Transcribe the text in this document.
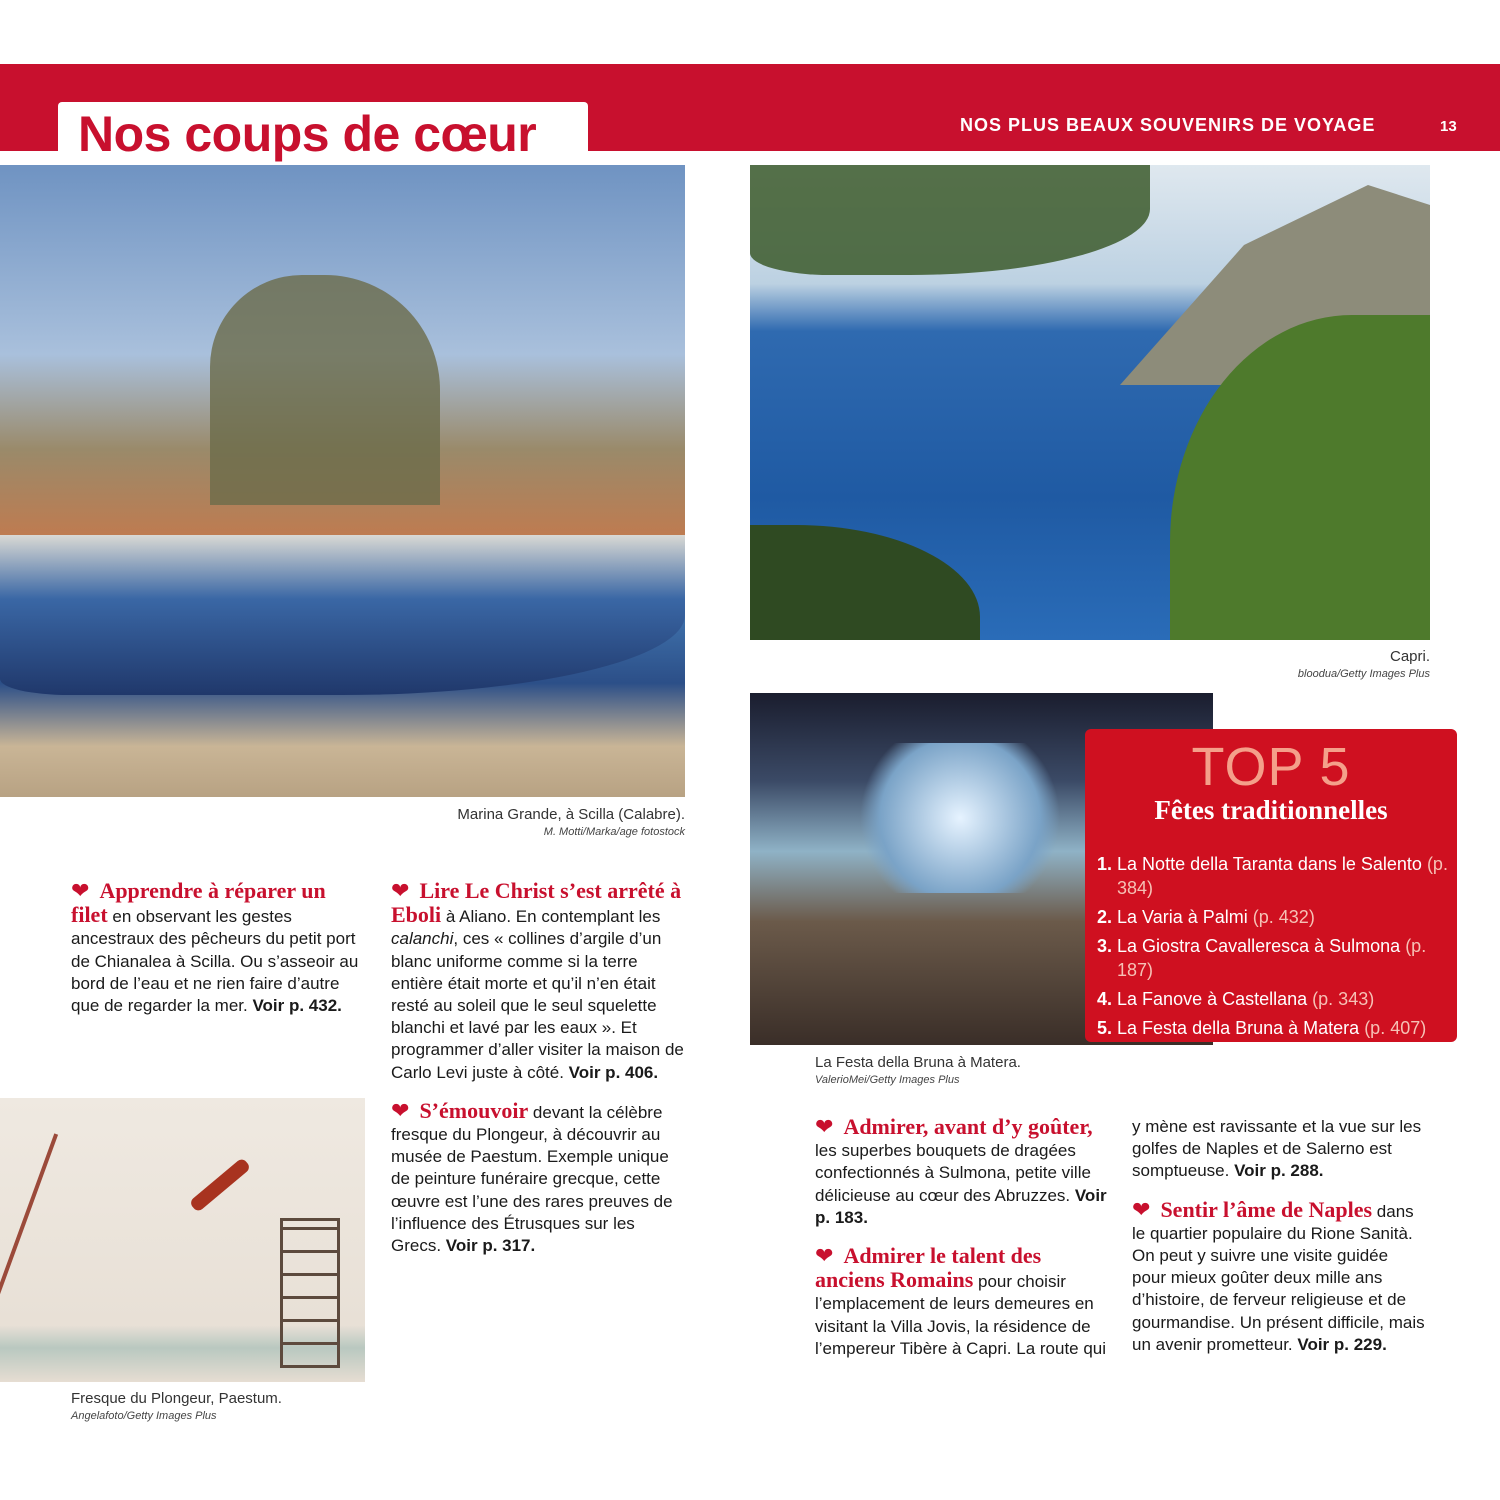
Nos coups de cœur	NOS PLUS BEAUX SOUVENIRS DE VOYAGE	13
Marina Grande, à Scilla (Calabre).
M. Motti/Marka/age fotostock
Capri.
bloodua/Getty Images Plus
La Festa della Bruna à Matera.
ValerioMei/Getty Images Plus
TOP 5
Fêtes traditionnelles
1. La Notte della Taranta dans le Salento (p. 384)
2. La Varia à Palmi (p. 432)
3. La Giostra Cavalleresca à Sulmona (p. 187)
4. La Fanove à Castellana (p. 343)
5. La Festa della Bruna à Matera (p. 407)
Fresque du Plongeur, Paestum.
Angelafoto/Getty Images Plus

❤ Apprendre à réparer un filet en observant les gestes ancestraux des pêcheurs du petit port de Chianalea à Scilla. Ou s’asseoir au bord de l’eau et ne rien faire d’autre que de regarder la mer. Voir p. 432.

❤ Lire Le Christ s’est arrêté à Eboli à Aliano. En contemplant les calanchi, ces « collines d’argile d’un blanc uniforme comme si la terre entière était morte et qu’il n’en était resté au soleil que le seul squelette blanchi et lavé par les eaux ». Et programmer d’aller visiter la maison de Carlo Levi juste à côté. Voir p. 406.

❤ S’émouvoir devant la célèbre fresque du Plongeur, à découvrir au musée de Paestum. Exemple unique de peinture funéraire grecque, cette œuvre est l’une des rares preuves de l’influence des Étrusques sur les Grecs. Voir p. 317.

❤ Admirer, avant d’y goûter, les superbes bouquets de dragées confectionnés à Sulmona, petite ville délicieuse au cœur des Abruzzes. Voir p. 183.

❤ Admirer le talent des anciens Romains pour choisir l’emplacement de leurs demeures en visitant la Villa Jovis, la résidence de l’empereur Tibère à Capri. La route qui y mène est ravissante et la vue sur les golfes de Naples et de Salerno est somptueuse. Voir p. 288.

❤ Sentir l’âme de Naples dans le quartier populaire du Rione Sanità. On peut y suivre une visite guidée pour mieux goûter deux mille ans d’histoire, de ferveur religieuse et de gourmandise. Un présent difficile, mais un avenir prometteur. Voir p. 229.
